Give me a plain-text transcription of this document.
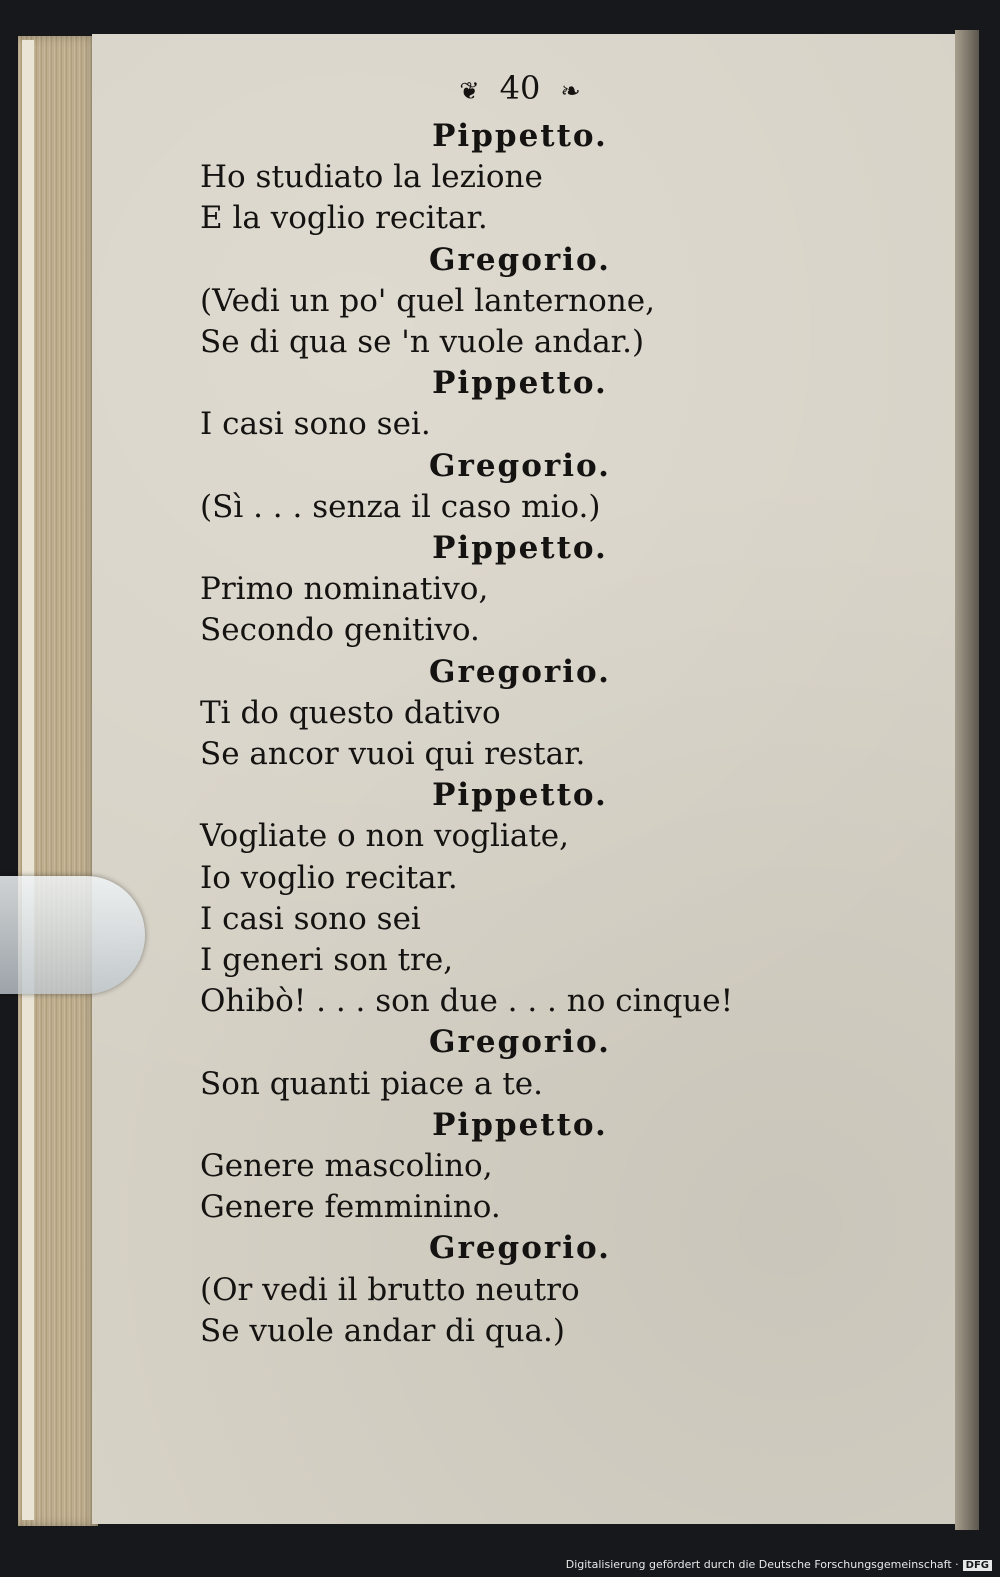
❦ 40 ❧
Pippetto.
Ho studiato la lezione
E la voglio recitar.
Gregorio.
(Vedi un po' quel lanternone,
Se di qua se 'n vuole andar.)
Pippetto.
I casi sono sei.
Gregorio.
(Sì . . . senza il caso mio.)
Pippetto.
Primo nominativo,
Secondo genitivo.
Gregorio.
Ti do questo dativo
Se ancor vuoi qui restar.
Pippetto.
Vogliate o non vogliate,
Io voglio recitar.
I casi sono sei
I generi son tre,
Ohibò! . . . son due . . . no cinque!
Gregorio.
Son quanti piace a te.
Pippetto.
Genere mascolino,
Genere femminino.
Gregorio.
(Or vedi il brutto neutro
Se vuole andar di qua.)
Digitalisierung gefördert durch die Deutsche Forschungsgemeinschaft · DFG
